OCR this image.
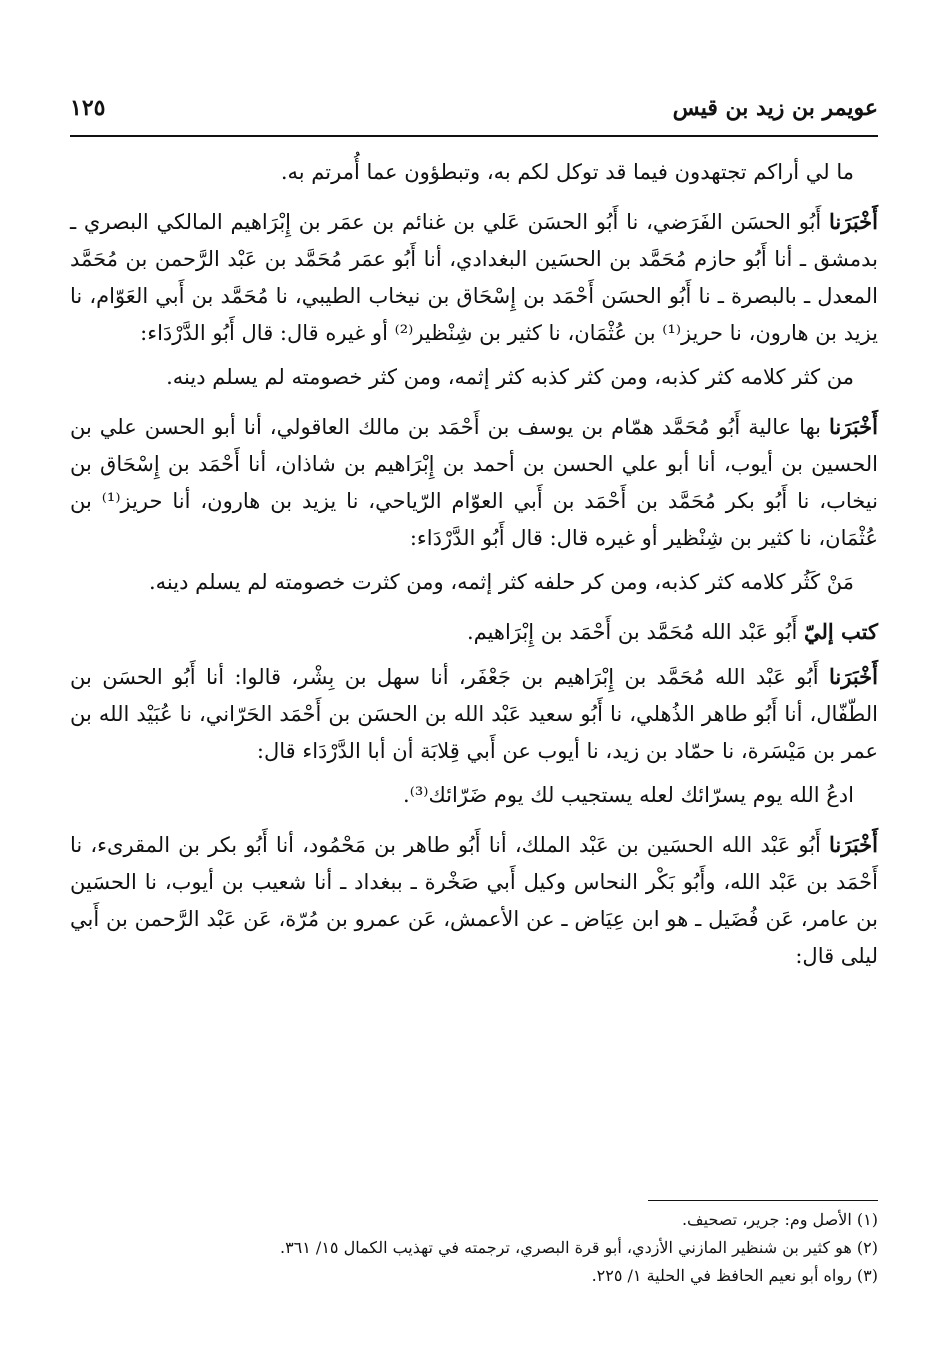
عويمر بن زيد بن قيس
١٢٥

ما لي أراكم تجتهدون فيما قد توكل لكم به، وتبطؤون عما أُمرتم به.

أَخْبَرَنا أَبُو الحسَن الفَرَضي، نا أَبُو الحسَن عَلي بن غنائم بن عمَر بن إِبْرَاهيم المالكي البصري ـ بدمشق ـ أنا أَبُو حازم مُحَمَّد بن الحسَين البغدادي، أنا أَبُو عمَر مُحَمَّد بن عَبْد الرَّحمن بن مُحَمَّد المعدل ـ بالبصرة ـ نا أَبُو الحسَن أَحْمَد بن إِسْحَاق بن نيخاب الطيبي، نا مُحَمَّد بن أَبي العَوّام، نا يزيد بن هارون، نا حريز⁽¹⁾ بن عُثْمَان، نا كثير بن شِنْظير⁽²⁾ أو غيره قال: قال أَبُو الدَّرْدَاء:

من كثر كلامه كثر كذبه، ومن كثر كذبه كثر إثمه، ومن كثر خصومته لم يسلم دينه.

أَخْبَرَنا بها عالية أَبُو مُحَمَّد همّام بن يوسف بن أَحْمَد بن مالك العاقولي، أنا أبو الحسن علي بن الحسين بن أيوب، أنا أبو علي الحسن بن أحمد بن إِبْرَاهيم بن شاذان، أنا أَحْمَد بن إِسْحَاق بن نيخاب، نا أَبُو بكر مُحَمَّد بن أَحْمَد بن أَبي العوّام الرّياحي، نا يزيد بن هارون، أنا حريز⁽¹⁾ بن عُثْمَان، نا كثير بن شِنْظير أو غيره قال: قال أَبُو الدَّرْدَاء:

مَنْ كَثُر كلامه كثر كذبه، ومن كر حلفه كثر إثمه، ومن كثرت خصومته لم يسلم دينه.

كتب إليّ أَبُو عَبْد الله مُحَمَّد بن أَحْمَد بن إِبْرَاهيم.

أَخْبَرَنا أَبُو عَبْد الله مُحَمَّد بن إِبْرَاهيم بن جَعْفَر، أنا سهل بن بِشْر، قالوا: أنا أَبُو الحسَن بن الطّفّال، أنا أَبُو طاهر الذُهلي، نا أَبُو سعيد عَبْد الله بن الحسَن بن أَحْمَد الحَرّاني، نا عُبَيْد الله بن عمر بن مَيْسَرة، نا حمّاد بن زيد، نا أيوب عن أَبي قِلابَة أن أبا الدَّرْدَاء قال:

ادعُ الله يوم يسرّائك لعله يستجيب لك يوم ضَرّائك⁽³⁾.

أَخْبَرَنا أَبُو عَبْد الله الحسَين بن عَبْد الملك، أنا أَبُو طاهر بن مَحْمُود، أنا أَبُو بكر بن المقرىء، نا أَحْمَد بن عَبْد الله، وأَبُو بَكْر النحاس وكيل أَبي صَخْرة ـ ببغداد ـ أنا شعيب بن أيوب، نا الحسَين بن عامر، عَن فُضَيل ـ هو ابن عِيَاض ـ عن الأعمش، عَن عمرو بن مُرّة، عَن عَبْد الرَّحمن بن أَبي ليلى قال:

(١) الأصل وم: جرير، تصحيف.
(٢) هو كثير بن شنظير المازني الأزدي، أبو قرة البصري، ترجمته في تهذيب الكمال ١٥/ ٣٦١.
(٣) رواه أبو نعيم الحافظ في الحلية ١/ ٢٢٥.
